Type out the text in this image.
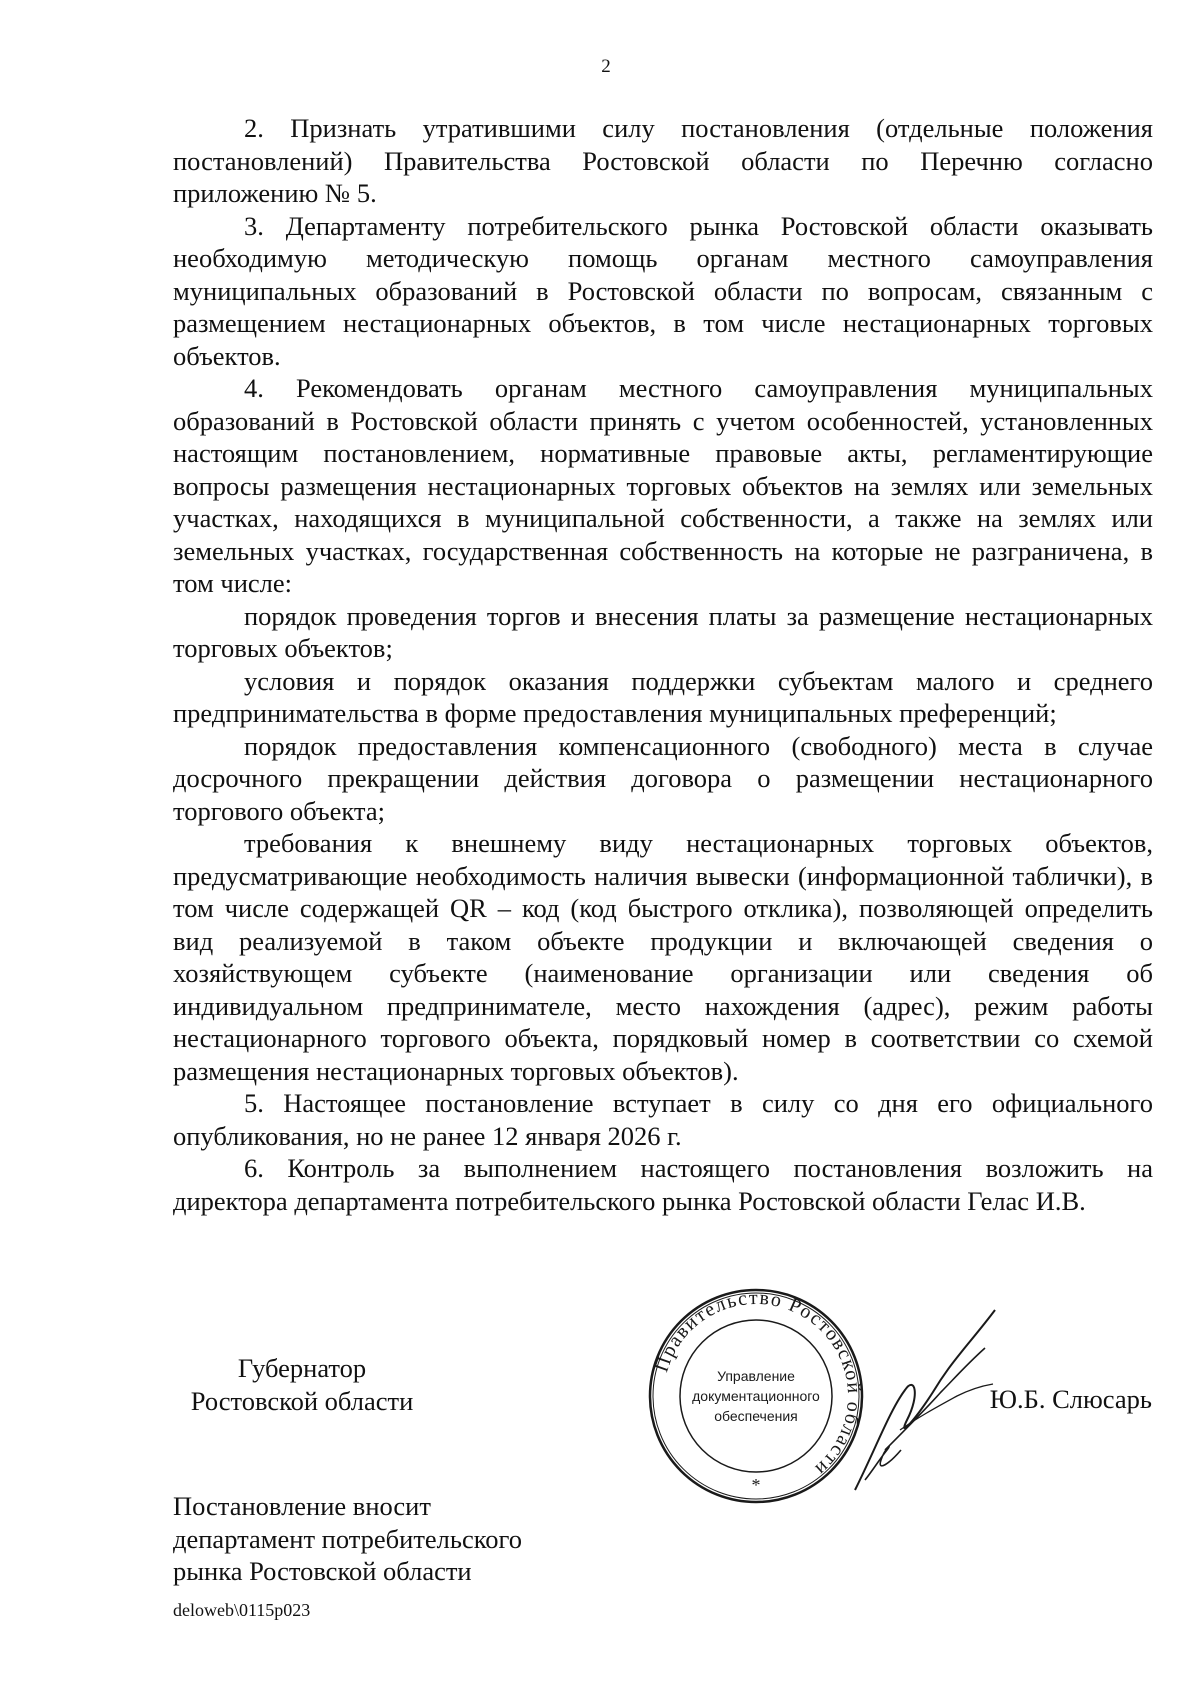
2

2. Признать утратившими силу постановления (отдельные положения постановлений) Правительства Ростовской области по Перечню согласно приложению № 5.

3. Департаменту потребительского рынка Ростовской области оказывать необходимую методическую помощь органам местного самоуправления муниципальных образований в Ростовской области по вопросам, связанным с размещением нестационарных объектов, в том числе нестационарных торговых объектов.

4. Рекомендовать органам местного самоуправления муниципальных образований в Ростовской области принять с учетом особенностей, установленных настоящим постановлением, нормативные правовые акты, регламентирующие вопросы размещения нестационарных торговых объектов на землях или земельных участках, находящихся в муниципальной собственности, а также на землях или земельных участках, государственная собственность на которые не разграничена, в том числе:

порядок проведения торгов и внесения платы за размещение нестационарных торговых объектов;

условия и порядок оказания поддержки субъектам малого и среднего предпринимательства в форме предоставления муниципальных преференций;

порядок предоставления компенсационного (свободного) места в случае досрочного прекращении действия договора о размещении нестационарного торгового объекта;

требования к внешнему виду нестационарных торговых объектов, предусматривающие необходимость наличия вывески (информационной таблички), в том числе содержащей QR – код (код быстрого отклика), позволяющей определить вид реализуемой в таком объекте продукции и включающей сведения о хозяйствующем субъекте (наименование организации или сведения об индивидуальном предпринимателе, место нахождения (адрес), режим работы нестационарного торгового объекта, порядковый номер в соответствии со схемой размещения нестационарных торговых объектов).

5. Настоящее постановление вступает в силу со дня его официального опубликования, но не ранее 12 января 2026 г.

6. Контроль за выполнением настоящего постановления возложить на директора департамента потребительского рынка Ростовской области Гелас И.В.

Губернатор
Ростовской области
Правительство Ростовской области
Управление
документационного
обеспечения
*
Ю.Б. Слюсарь
Постановление вносит
департамент потребительского
рынка Ростовской области
deloweb\0115p023
